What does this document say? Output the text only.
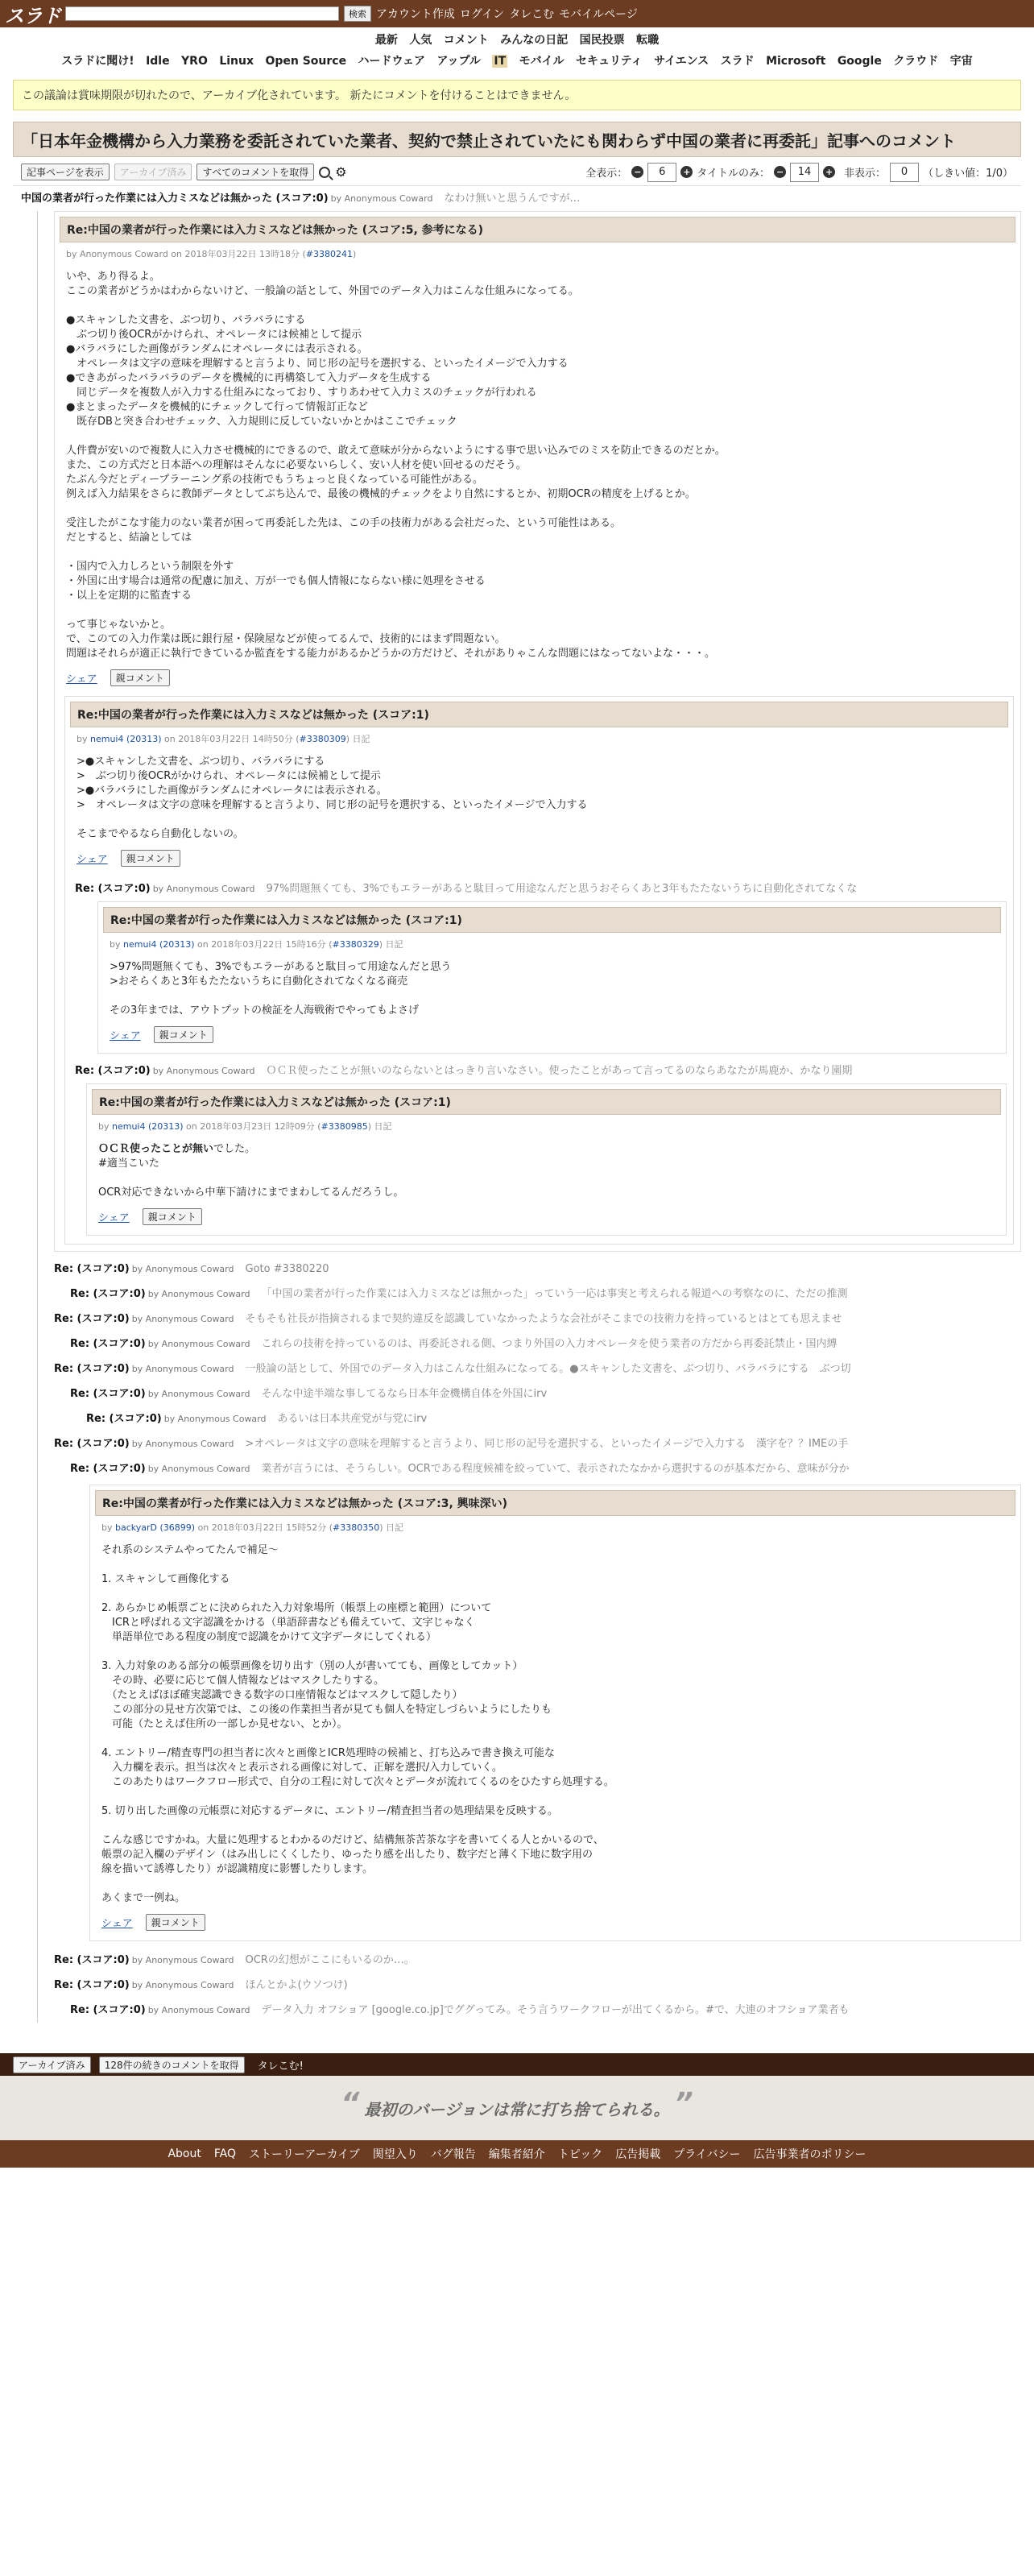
スラド	検索 アカウント作成 ログイン タレこむ モバイルページ
最新 人気 コメント みんなの日記 国民投票 転職
スラドに聞け! Idle YRO Linux Open Source ハードウェア アップル IT モバイル セキュリティ サイエンス スラド Microsoft Google クラウド 宇宙
この議論は賞味期限が切れたので、アーカイブ化されています。 新たにコメントを付けることはできません。
「日本年金機構から入力業務を委託されていた業者、契約で禁止されていたにも関わらず中国の業者に再委託」記事へのコメント
記事ページを表示	アーカイブ済み	すべてのコメントを取得	⚙	全表示： −	6	+ タイトルのみ： −	14	+ 非表示：	0	（しきい値：1/0）
中国の業者が行った作業には入力ミスなどは無かった (スコア:0) by Anonymous Coward なわけ無いと思うんですが…
Re:中国の業者が行った作業には入力ミスなどは無かった (スコア:5, 参考になる)
by Anonymous Coward on 2018年03月22日 13時18分 (#3380241)
いや、あり得るよ。
ここの業者がどうかはわからないけど、一般論の話として、外国でのデータ入力はこんな仕組みになってる。

●スキャンした文書を、ぶつ切り、バラバラにする
　ぶつ切り後OCRがかけられ、オペレータには候補として提示
●バラバラにした画像がランダムにオペレータには表示される。
　オペレータは文字の意味を理解すると言うより、同じ形の記号を選択する、といったイメージで入力する
●できあがったバラバラのデータを機械的に再構築して入力データを生成する
　同じデータを複数人が入力する仕組みになっており、すりあわせて入力ミスのチェックが行われる
●まとまったデータを機械的にチェックして行って情報訂正など
　既存DBと突き合わせチェック、入力規則に反していないかとかはここでチェック

人件費が安いので複数人に入力させ機械的にできるので、敢えて意味が分からないようにする事で思い込みでのミスを防止できるのだとか。
また、この方式だと日本語への理解はそんなに必要ないらしく、安い人材を使い回せるのだそう。
たぶん今だとディープラーニング系の技術でもうちょっと良くなっている可能性がある。
例えば入力結果をさらに教師データとしてぶち込んで、最後の機械的チェックをより自然にするとか、初期OCRの精度を上げるとか。

受注したがこなす能力のない業者が困って再委託した先は、この手の技術力がある会社だった、という可能性はある。
だとすると、結論としては

・国内で入力しろという制限を外す
・外国に出す場合は通常の配慮に加え、万が一でも個人情報にならない様に処理をさせる
・以上を定期的に監査する

って事じゃないかと。
で、このての入力作業は既に銀行屋・保険屋などが使ってるんで、技術的にはまず問題ない。
問題はそれらが適正に執行できているか監査をする能力があるかどうかの方だけど、それがありゃこんな問題にはなってないよな・・・。
シェア	親コメント
Re:中国の業者が行った作業には入力ミスなどは無かった (スコア:1)
by nemui4 (20313) on 2018年03月22日 14時50分 (#3380309) 日記
>●スキャンした文書を、ぶつ切り、バラバラにする
>　ぶつ切り後OCRがかけられ、オペレータには候補として提示
>●バラバラにした画像がランダムにオペレータには表示される。
>　オペレータは文字の意味を理解すると言うより、同じ形の記号を選択する、といったイメージで入力する

そこまでやるなら自動化しないの。
シェア	親コメント
Re: (スコア:0) by Anonymous Coward 97%問題無くても、3%でもエラーがあると駄目って用途なんだと思うおそらくあと3年もたたないうちに自動化されてなくな
Re:中国の業者が行った作業には入力ミスなどは無かった (スコア:1)
by nemui4 (20313) on 2018年03月22日 15時16分 (#3380329) 日記
>97%問題無くても、3%でもエラーがあると駄目って用途なんだと思う
>おそらくあと3年もたたないうちに自動化されてなくなる商売

その3年までは、アウトプットの検証を人海戦術でやってもよさげ
シェア	親コメント
Re: (スコア:0) by Anonymous Coward ＯＣＲ使ったことが無いのならないとはっきり言いなさい。使ったことがあって言ってるのならあなたが馬鹿か、かなり園期
Re:中国の業者が行った作業には入力ミスなどは無かった (スコア:1)
by nemui4 (20313) on 2018年03月23日 12時09分 (#3380985) 日記
ＯＣＲ使ったことが無いでした。
#適当こいた

OCR対応できないから中華下請けにまでまわしてるんだろうし。
シェア	親コメント
Re: (スコア:0) by Anonymous Coward Goto #3380220
Re: (スコア:0) by Anonymous Coward 「中国の業者が行った作業には入力ミスなどは無かった」っていう一応は事実と考えられる報道への考察なのに、ただの推測
Re: (スコア:0) by Anonymous Coward そもそも社長が指摘されるまで契約違反を認識していなかったような会社がそこまでの技術力を持っているとはとても思えませ
Re: (スコア:0) by Anonymous Coward これらの技術を持っているのは、再委託される側、つまり外国の入力オペレータを使う業者の方だから再委託禁止・国内縛
Re: (スコア:0) by Anonymous Coward 一般論の話として、外国でのデータ入力はこんな仕組みになってる。●スキャンした文書を、ぶつ切り、バラバラにする　ぶつ切
Re: (スコア:0) by Anonymous Coward そんな中途半端な事してるなら日本年金機構自体を外国にirv
Re: (スコア:0) by Anonymous Coward あるいは日本共産党が与党にirv
Re: (スコア:0) by Anonymous Coward >オペレータは文字の意味を理解すると言うより、同じ形の記号を選択する、といったイメージで入力する　漢字を？？IMEの手
Re: (スコア:0) by Anonymous Coward 業者が言うには、そうらしい。OCRである程度候補を絞っていて、表示されたなかから選択するのが基本だから、意味が分か
Re:中国の業者が行った作業には入力ミスなどは無かった (スコア:3, 興味深い)
by backyarD (36899) on 2018年03月22日 15時52分 (#3380350) 日記
それ系のシステムやってたんで補足～

1. スキャンして画像化する

2. あらかじめ帳票ごとに決められた入力対象場所（帳票上の座標と範囲）について
　ICRと呼ばれる文字認識をかける（単語辞書なども備えていて、文字じゃなく
　単語単位である程度の制度で認識をかけて文字データにしてくれる）

3. 入力対象のある部分の帳票画像を切り出す（別の人が書いてても、画像としてカット）
　その時、必要に応じて個人情報などはマスクしたりする。
　（たとえばほぼ確実認識できる数字の口座情報などはマスクして隠したり）
　この部分の見せ方次第では、この後の作業担当者が見ても個人を特定しづらいようにしたりも
　可能（たとえば住所の一部しか見せない、とか）。

4. エントリー/精査専門の担当者に次々と画像とICR処理時の候補と、打ち込みで書き換え可能な
　入力欄を表示。担当は次々と表示される画像に対して、正解を選択/入力していく。
　このあたりはワークフロー形式で、自分の工程に対して次々とデータが流れてくるのをひたすら処理する。

5. 切り出した画像の元帳票に対応するデータに、エントリー/精査担当者の処理結果を反映する。

こんな感じですかね。大量に処理するとわかるのだけど、結構無茶苦茶な字を書いてくる人とかいるので、
帳票の記入欄のデザイン（はみ出しにくくしたり、ゆったり感を出したり、数字だと薄く下地に数字用の
線を描いて誘導したり）が認識精度に影響したりします。

あくまで一例ね。
シェア	親コメント
Re: (スコア:0) by Anonymous Coward OCRの幻想がここにもいるのか…。
Re: (スコア:0) by Anonymous Coward ほんとかよ(ウソつけ)
Re: (スコア:0) by Anonymous Coward データ入力 オフショア [google.co.jp]でググってみ。そう言うワークフローが出てくるから。#で、大連のオフショア業者も
アーカイブ済み	128件の続きのコメントを取得	タレこむ!
“ 最初のバージョンは常に打ち捨てられる。 ”
About FAQ ストーリーアーカイブ 関望入り バグ報告 編集者紹介 トピック 広告掲載 プライバシー 広告事業者のポリシー
